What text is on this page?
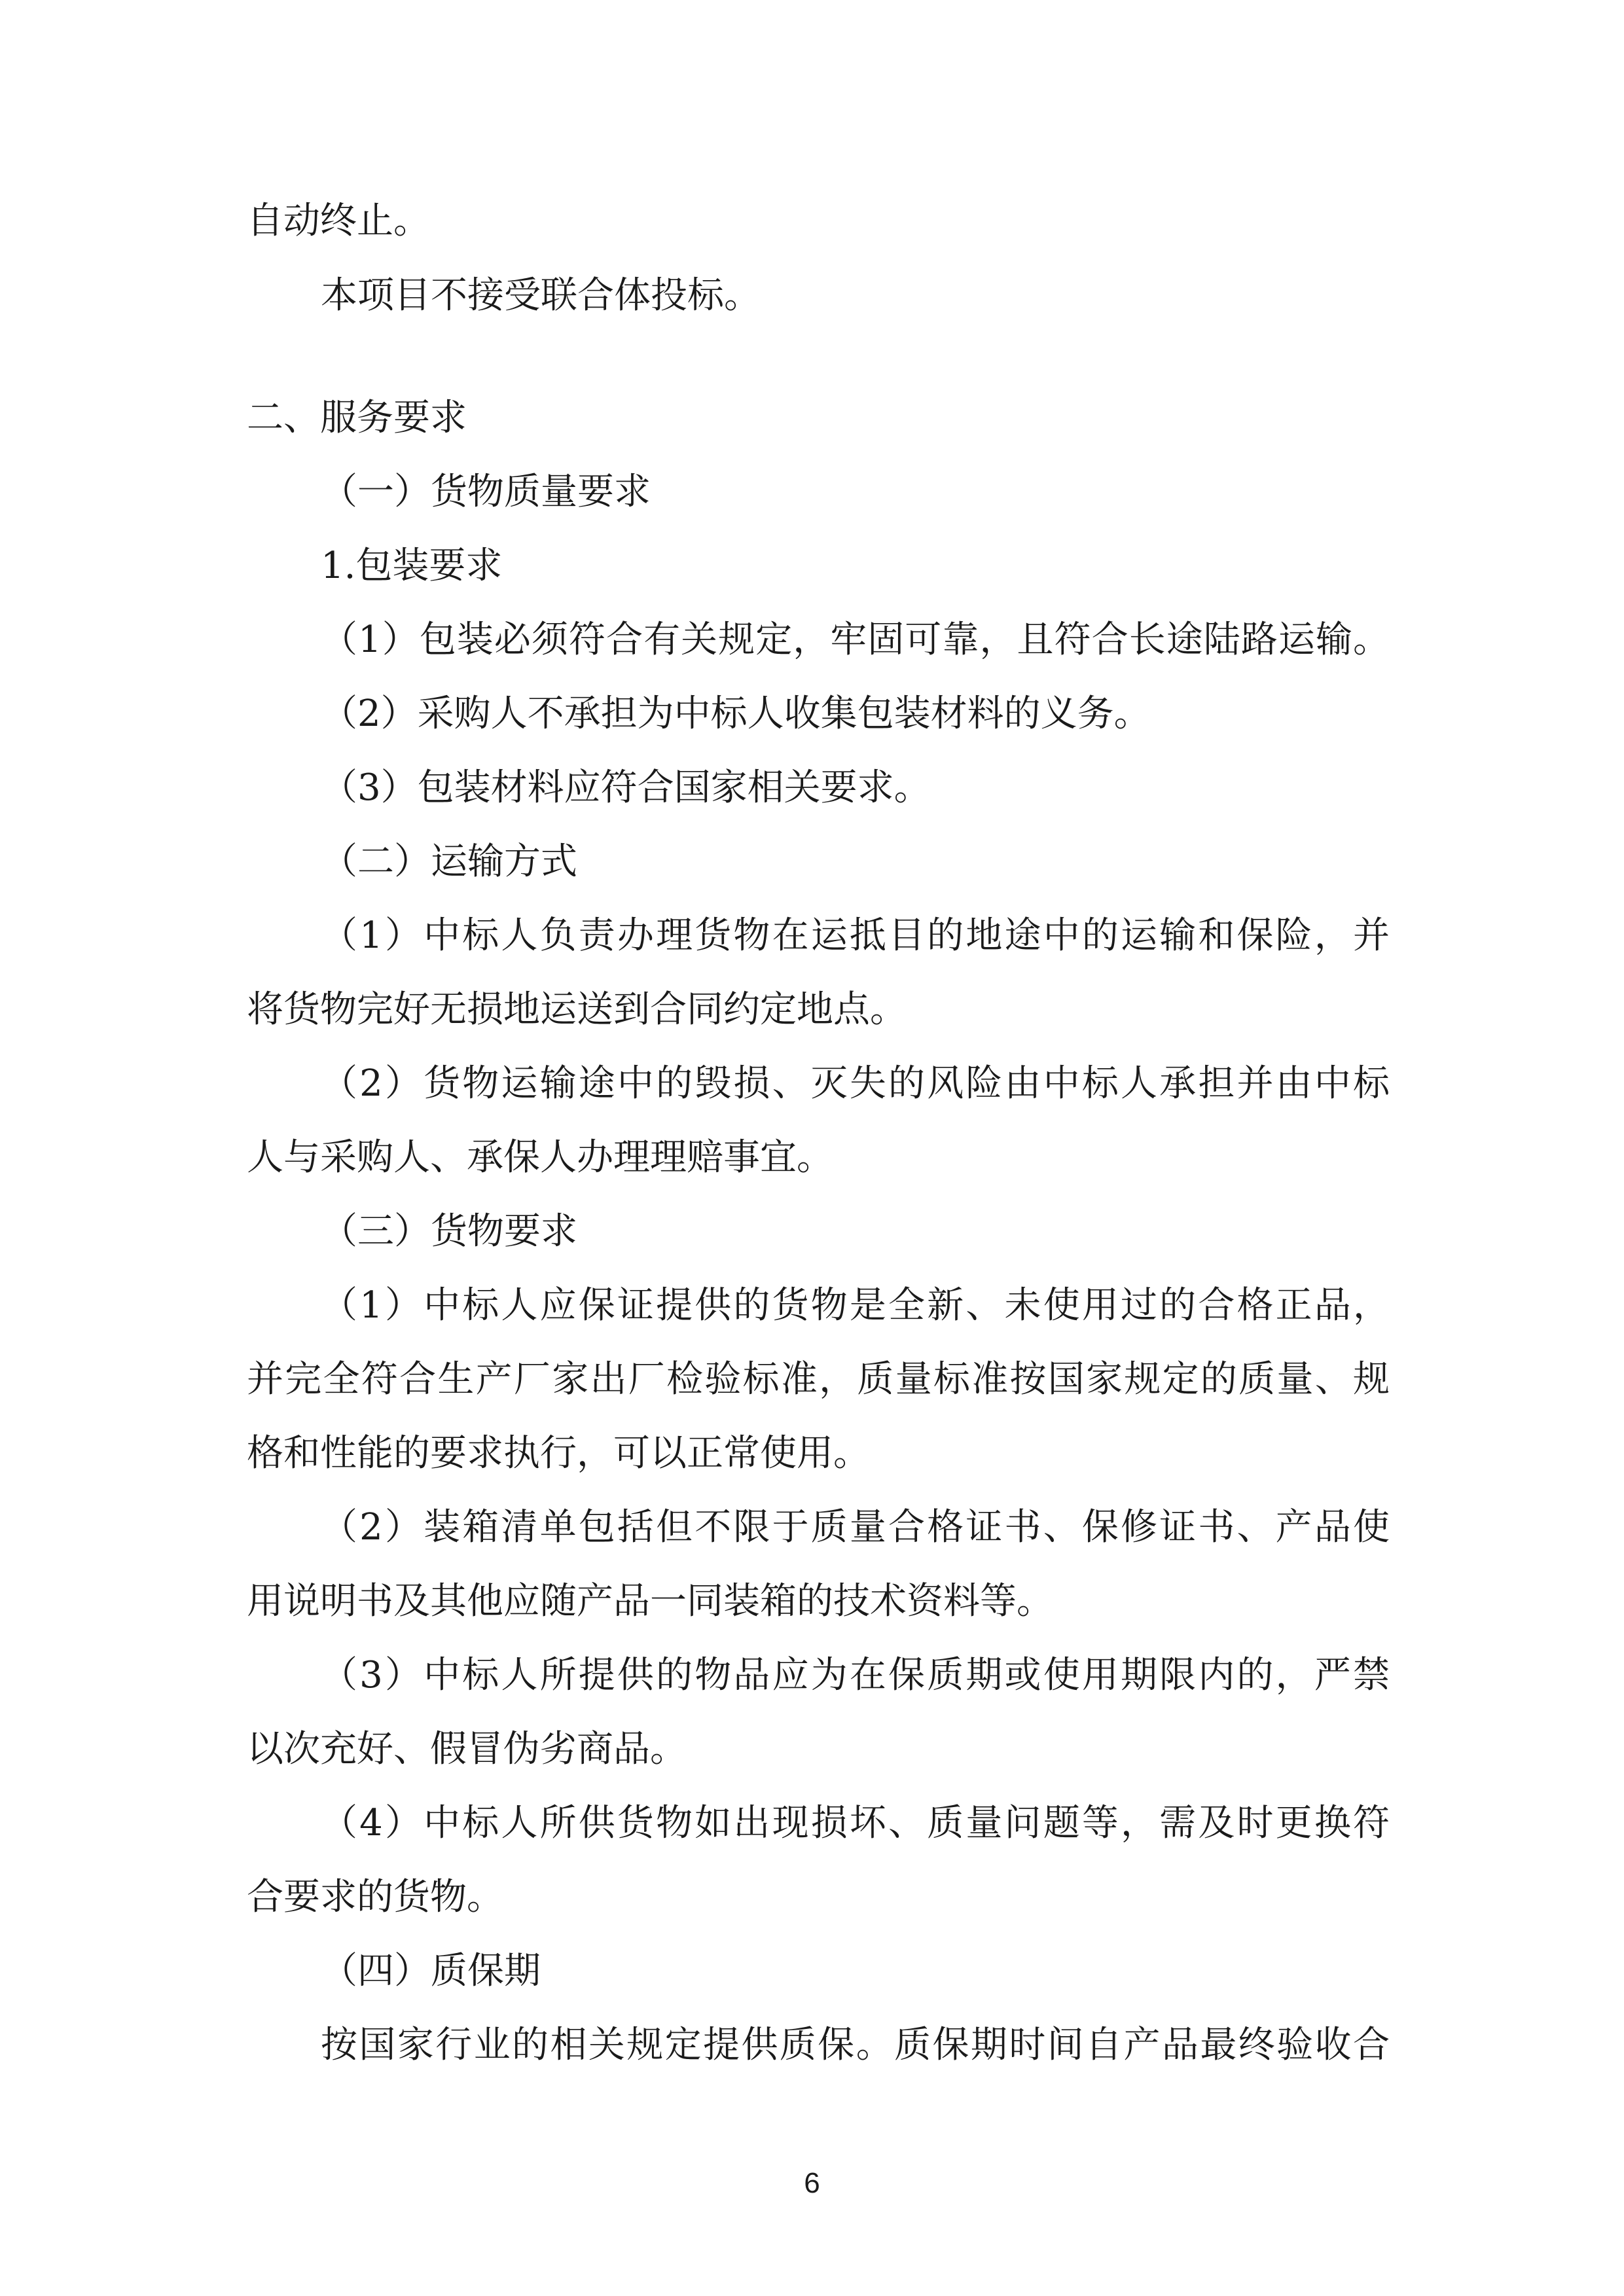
自动终止。
本项目不接受联合体投标。
二、服务要求
（一）货物质量要求
1.包装要求
（1）包装必须符合有关规定，牢固可靠，且符合长途陆路运输。
（2）采购人不承担为中标人收集包装材料的义务。
（3）包装材料应符合国家相关要求。
（二）运输方式
（1）中标人负责办理货物在运抵目的地途中的运输和保险，并
将货物完好无损地运送到合同约定地点。
（2）货物运输途中的毁损、灭失的风险由中标人承担并由中标
人与采购人、承保人办理理赔事宜。
（三）货物要求
（1）中标人应保证提供的货物是全新、未使用过的合格正品，
并完全符合生产厂家出厂检验标准，质量标准按国家规定的质量、规
格和性能的要求执行，可以正常使用。
（2）装箱清单包括但不限于质量合格证书、保修证书、产品使
用说明书及其他应随产品一同装箱的技术资料等。
（3）中标人所提供的物品应为在保质期或使用期限内的，严禁
以次充好、假冒伪劣商品。
（4）中标人所供货物如出现损坏、质量问题等，需及时更换符
合要求的货物。
（四）质保期
按国家行业的相关规定提供质保。质保期时间自产品最终验收合
6
